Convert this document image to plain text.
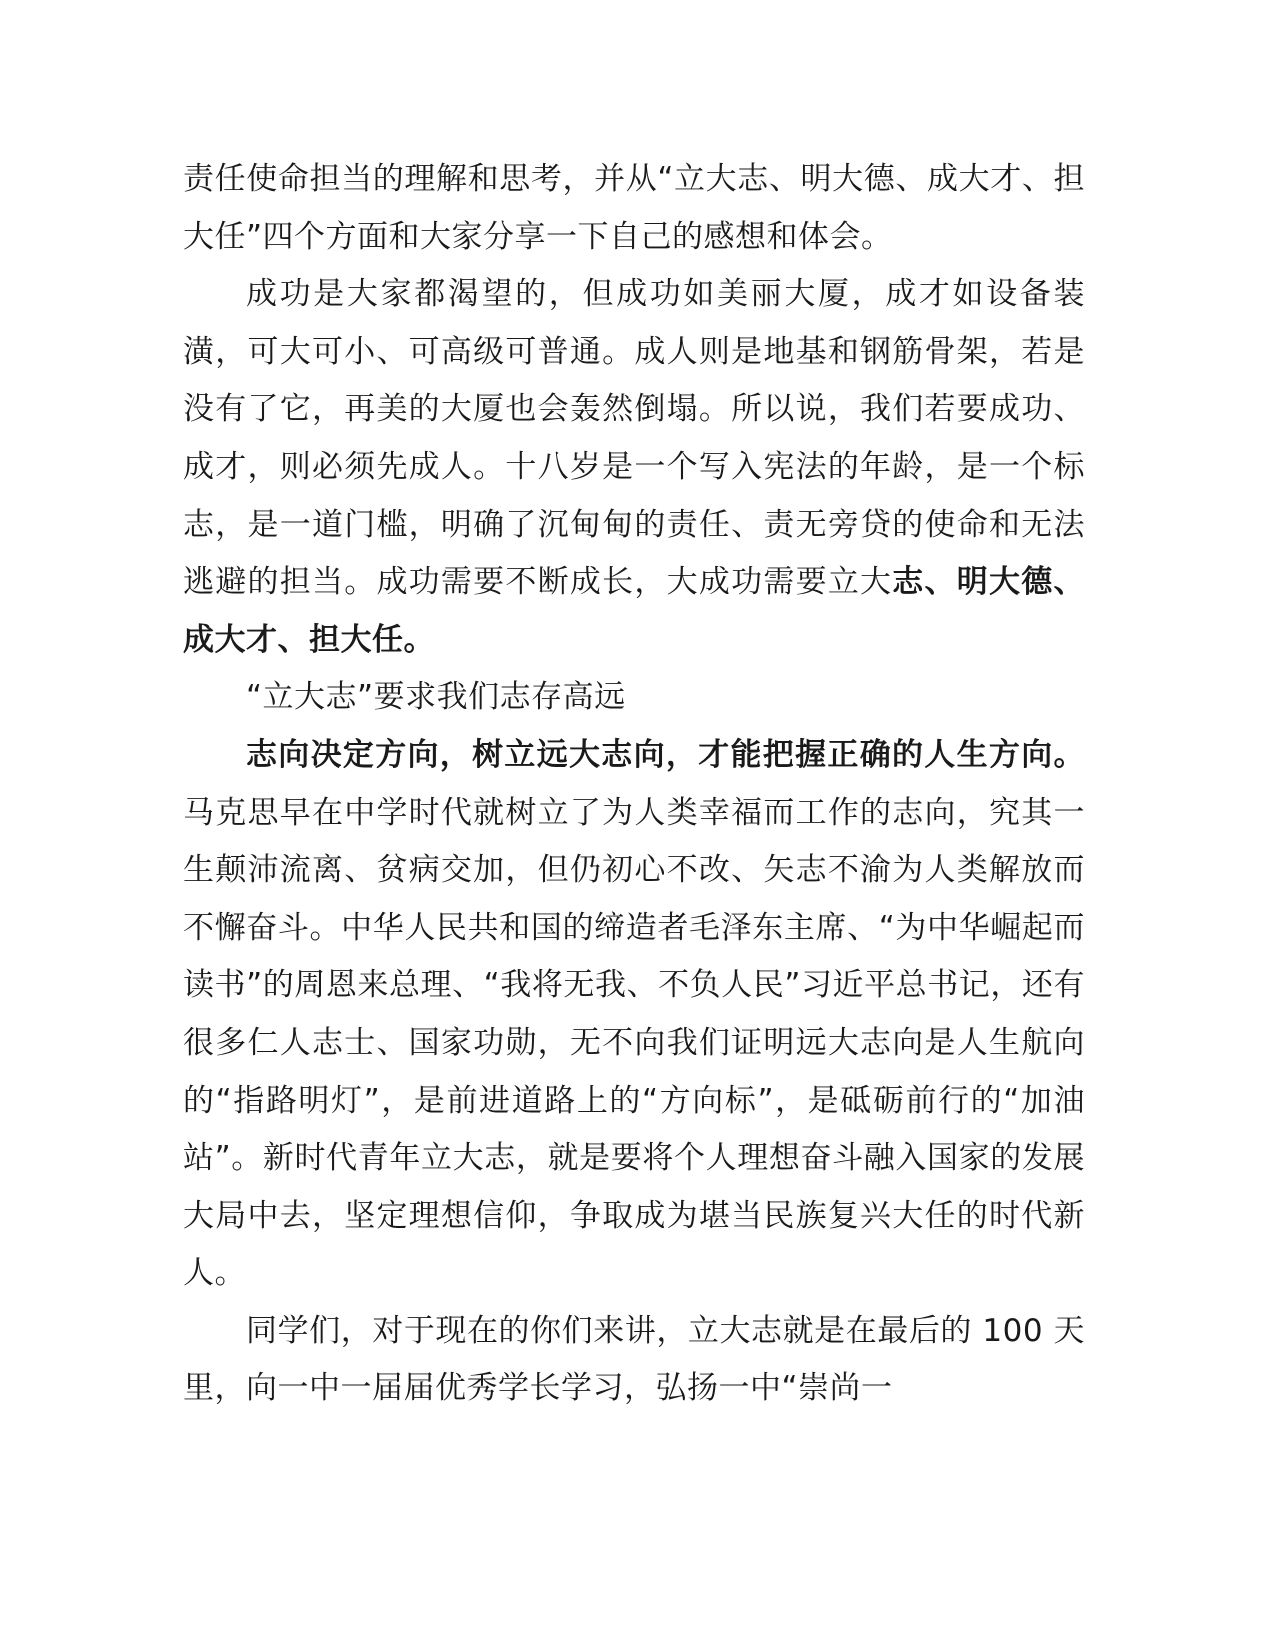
责任使命担当的理解和思考，并从“立大志、明大德、成大才、担大任”四个方面和大家分享一下自己的感想和体会。

成功是大家都渴望的，但成功如美丽大厦，成才如设备装潢，可大可小、可高级可普通。成人则是地基和钢筋骨架，若是没有了它，再美的大厦也会轰然倒塌。所以说，我们若要成功、成才，则必须先成人。十八岁是一个写入宪法的年龄，是一个标志，是一道门槛，明确了沉甸甸的责任、责无旁贷的使命和无法逃避的担当。成功需要不断成长，大成功需要立大志、明大德、成大才、担大任。

“立大志”要求我们志存高远

志向决定方向，树立远大志向，才能把握正确的人生方向。马克思早在中学时代就树立了为人类幸福而工作的志向，究其一生颠沛流离、贫病交加，但仍初心不改、矢志不渝为人类解放而不懈奋斗。中华人民共和国的缔造者毛泽东主席、“为中华崛起而读书”的周恩来总理、“我将无我、不负人民”习近平总书记，还有很多仁人志士、国家功勋，无不向我们证明远大志向是人生航向的“指路明灯”，是前进道路上的“方向标”，是砥砺前行的“加油站”。新时代青年立大志，就是要将个人理想奋斗融入国家的发展大局中去，坚定理想信仰，争取成为堪当民族复兴大任的时代新人。

同学们，对于现在的你们来讲，立大志就是在最后的 100 天里，向一中一届届优秀学长学习，弘扬一中“崇尚一
